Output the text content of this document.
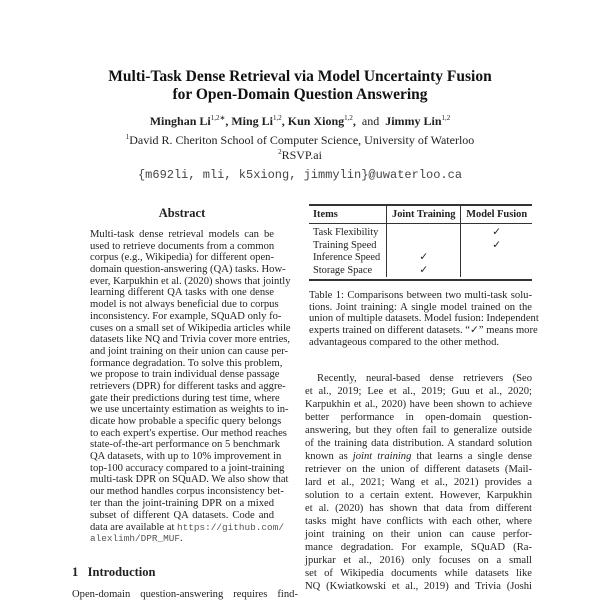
Multi-Task Dense Retrieval via Model Uncertainty Fusion
for Open-Domain Question Answering
Minghan $Li^{1,2∗}$, Ming Li$^{1,2}$, Kun Xiong$^{1,2}$,  and Jimmy Lin$^{1,2}$
$^1$David R. Cheriton School of Computer Science, University of Waterloo
$^2$RSVP.ai
{m692li, mli, k5xiong, jimmylin}@uwaterloo.ca
Abstract
Multi-task dense retrieval models can be
used to retrieve documents from a common
corpus (e.g., Wikipedia) for different open-
domain question-answering (QA) tasks. How-
ever, Karpukhin et al. (2020) shows that jointly
learning different QA tasks with one dense
model is not always beneficial due to corpus
inconsistency. For example, SQuAD only fo-
cuses on a small set of Wikipedia articles while
datasets like NQ and Trivia cover more entries,
and joint training on their union can cause per-
formance degradation. To solve this problem,
we propose to train individual dense passage
retrievers (DPR) for different tasks and aggre-
gate their predictions during test time, where
we use uncertainty estimation as weights to in-
dicate how probable a specific query belongs
to each expert's expertise. Our method reaches
state-of-the-art performance on 5 benchmark
QA datasets, with up to 10% improvement in
top-100 accuracy compared to a joint-training
multi-task DPR on SQuAD. We also show that
our method handles corpus inconsistency bet-
ter than the joint-training DPR on a mixed
subset of different QA datasets. Code and
data are available at https://github.com/
alexlimh/DPR_MUF.
1 Introduction
Open-domain question-answering requires find-
Items	Joint Training	Model Fusion
Task Flexibility		✓
Training Speed		✓
Inference Speed	✓	
Storage Space	✓	
Table 1: Comparisons between two multi-task solu-
tions. Joint training: A single model trained on the
union of multiple datasets. Model fusion: Independent
experts trained on different datasets. “✓” means more
advantageous compared to the other method.
Recently, neural-based dense retrievers (Seo
et al., 2019; Lee et al., 2019; Guu et al., 2020;
Karpukhin et al., 2020) have been shown to achieve
better performance in open-domain question-
answering, but they often fail to generalize outside
of the training data distribution. A standard solution
known as joint training that learns a single dense
retriever on the union of different datasets (Mail-
lard et al., 2021; Wang et al., 2021) provides a
solution to a certain extent. However, Karpukhin
et al. (2020) has shown that data from different
tasks might have conflicts with each other, where
joint training on their union can cause perfor-
mance degradation. For example, SQuAD (Ra-
jpurkar et al., 2016) only focuses on a small
set of Wikipedia documents while datasets like
NQ (Kwiatkowski et al., 2019) and Trivia (Joshi
